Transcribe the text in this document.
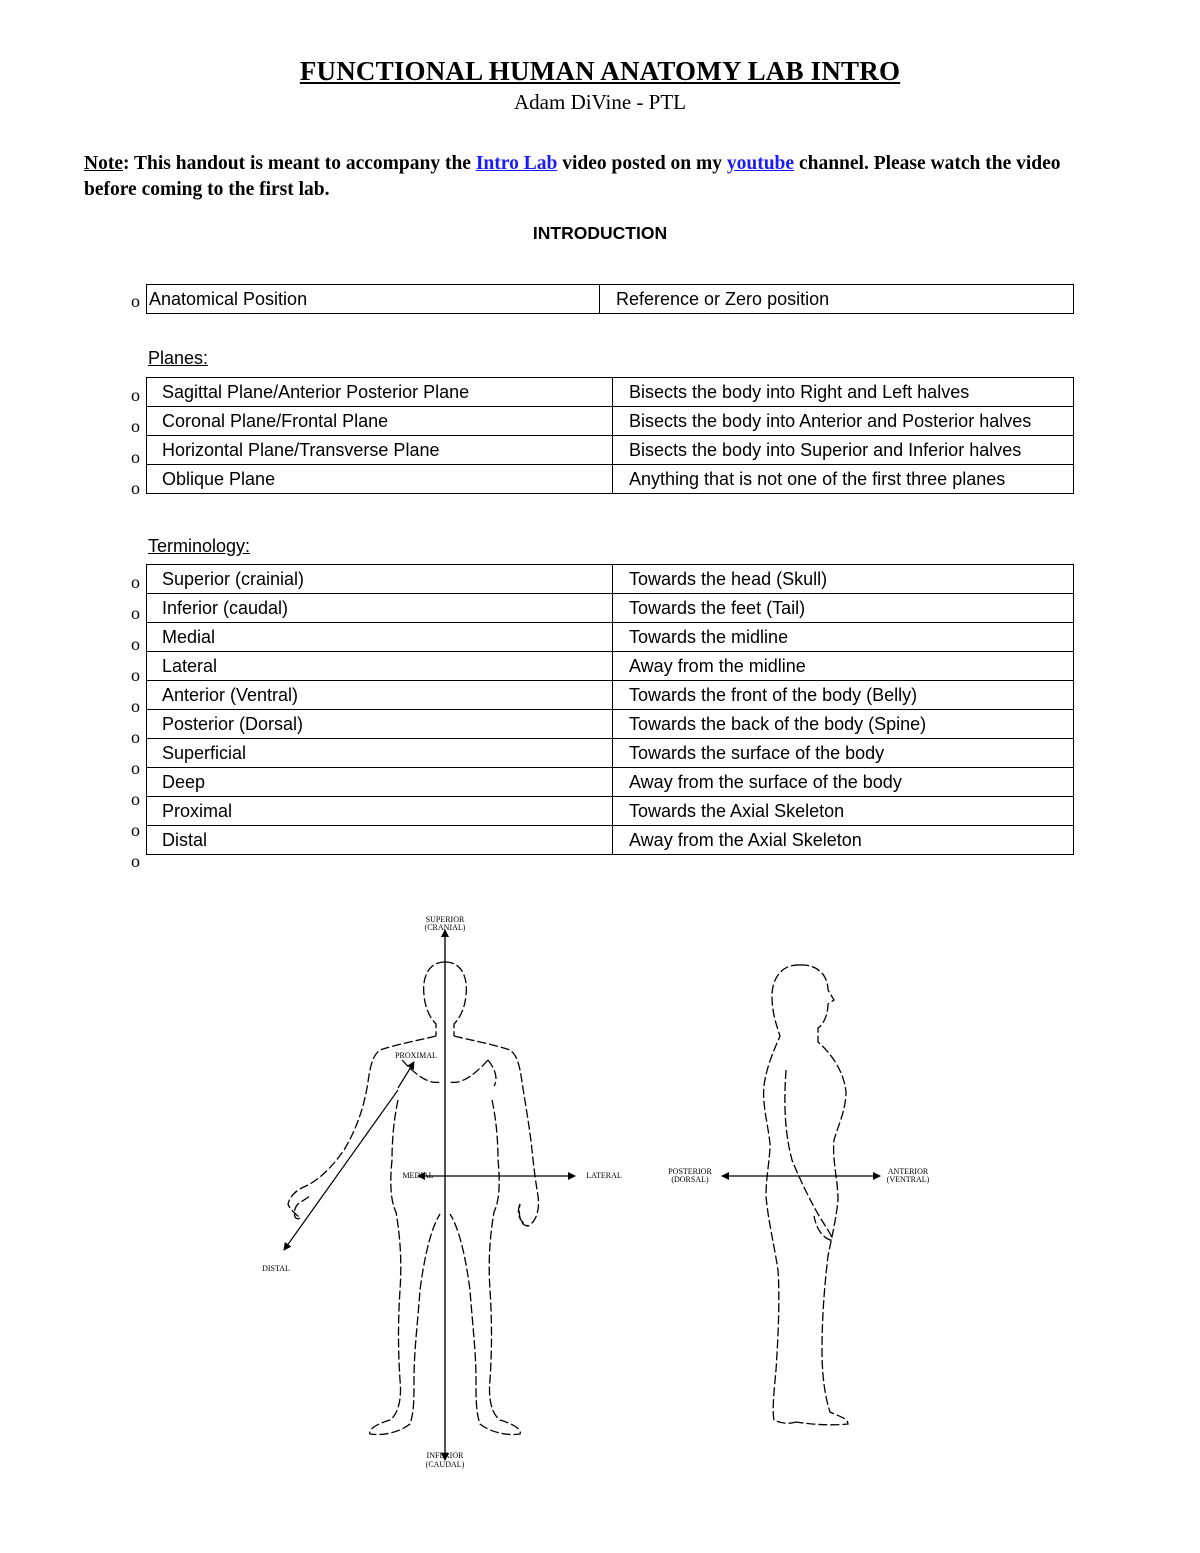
FUNCTIONAL HUMAN ANATOMY LAB INTRO
Adam DiVine - PTL
Note: This handout is meant to accompany the Intro Lab video posted on my youtube channel. Please watch the video before coming to the first lab.
INTRODUCTION
o Anatomical Position	Reference or Zero position
Planes:
o
o
o
o
Sagittal Plane/Anterior Posterior Plane	Bisects the body into Right and Left halves
Coronal Plane/Frontal Plane	Bisects the body into Anterior and Posterior halves
Horizontal Plane/Transverse Plane	Bisects the body into Superior and Inferior halves
Oblique Plane	Anything that is not one of the first three planes
Terminology:
o
o
o
o
o
o
o
o
o
o
Superior (crainial)	Towards the head (Skull)
Inferior (caudal)	Towards the feet (Tail)
Medial	Towards the midline
Lateral	Away from the midline
Anterior (Ventral)	Towards the front of the body (Belly)
Posterior (Dorsal)	Towards the back of the body (Spine)
Superficial	Towards the surface of the body
Deep	Away from the surface of the body
Proximal	Towards the Axial Skeleton
Distal	Away from the Axial Skeleton
SUPERIOR
(CRANIAL)
PROXIMAL
MEDIAL	LATERAL
DISTAL
INFERIOR
(CAUDAL)
POSTERIOR
(DORSAL)
ANTERIOR
(VENTRAL)
